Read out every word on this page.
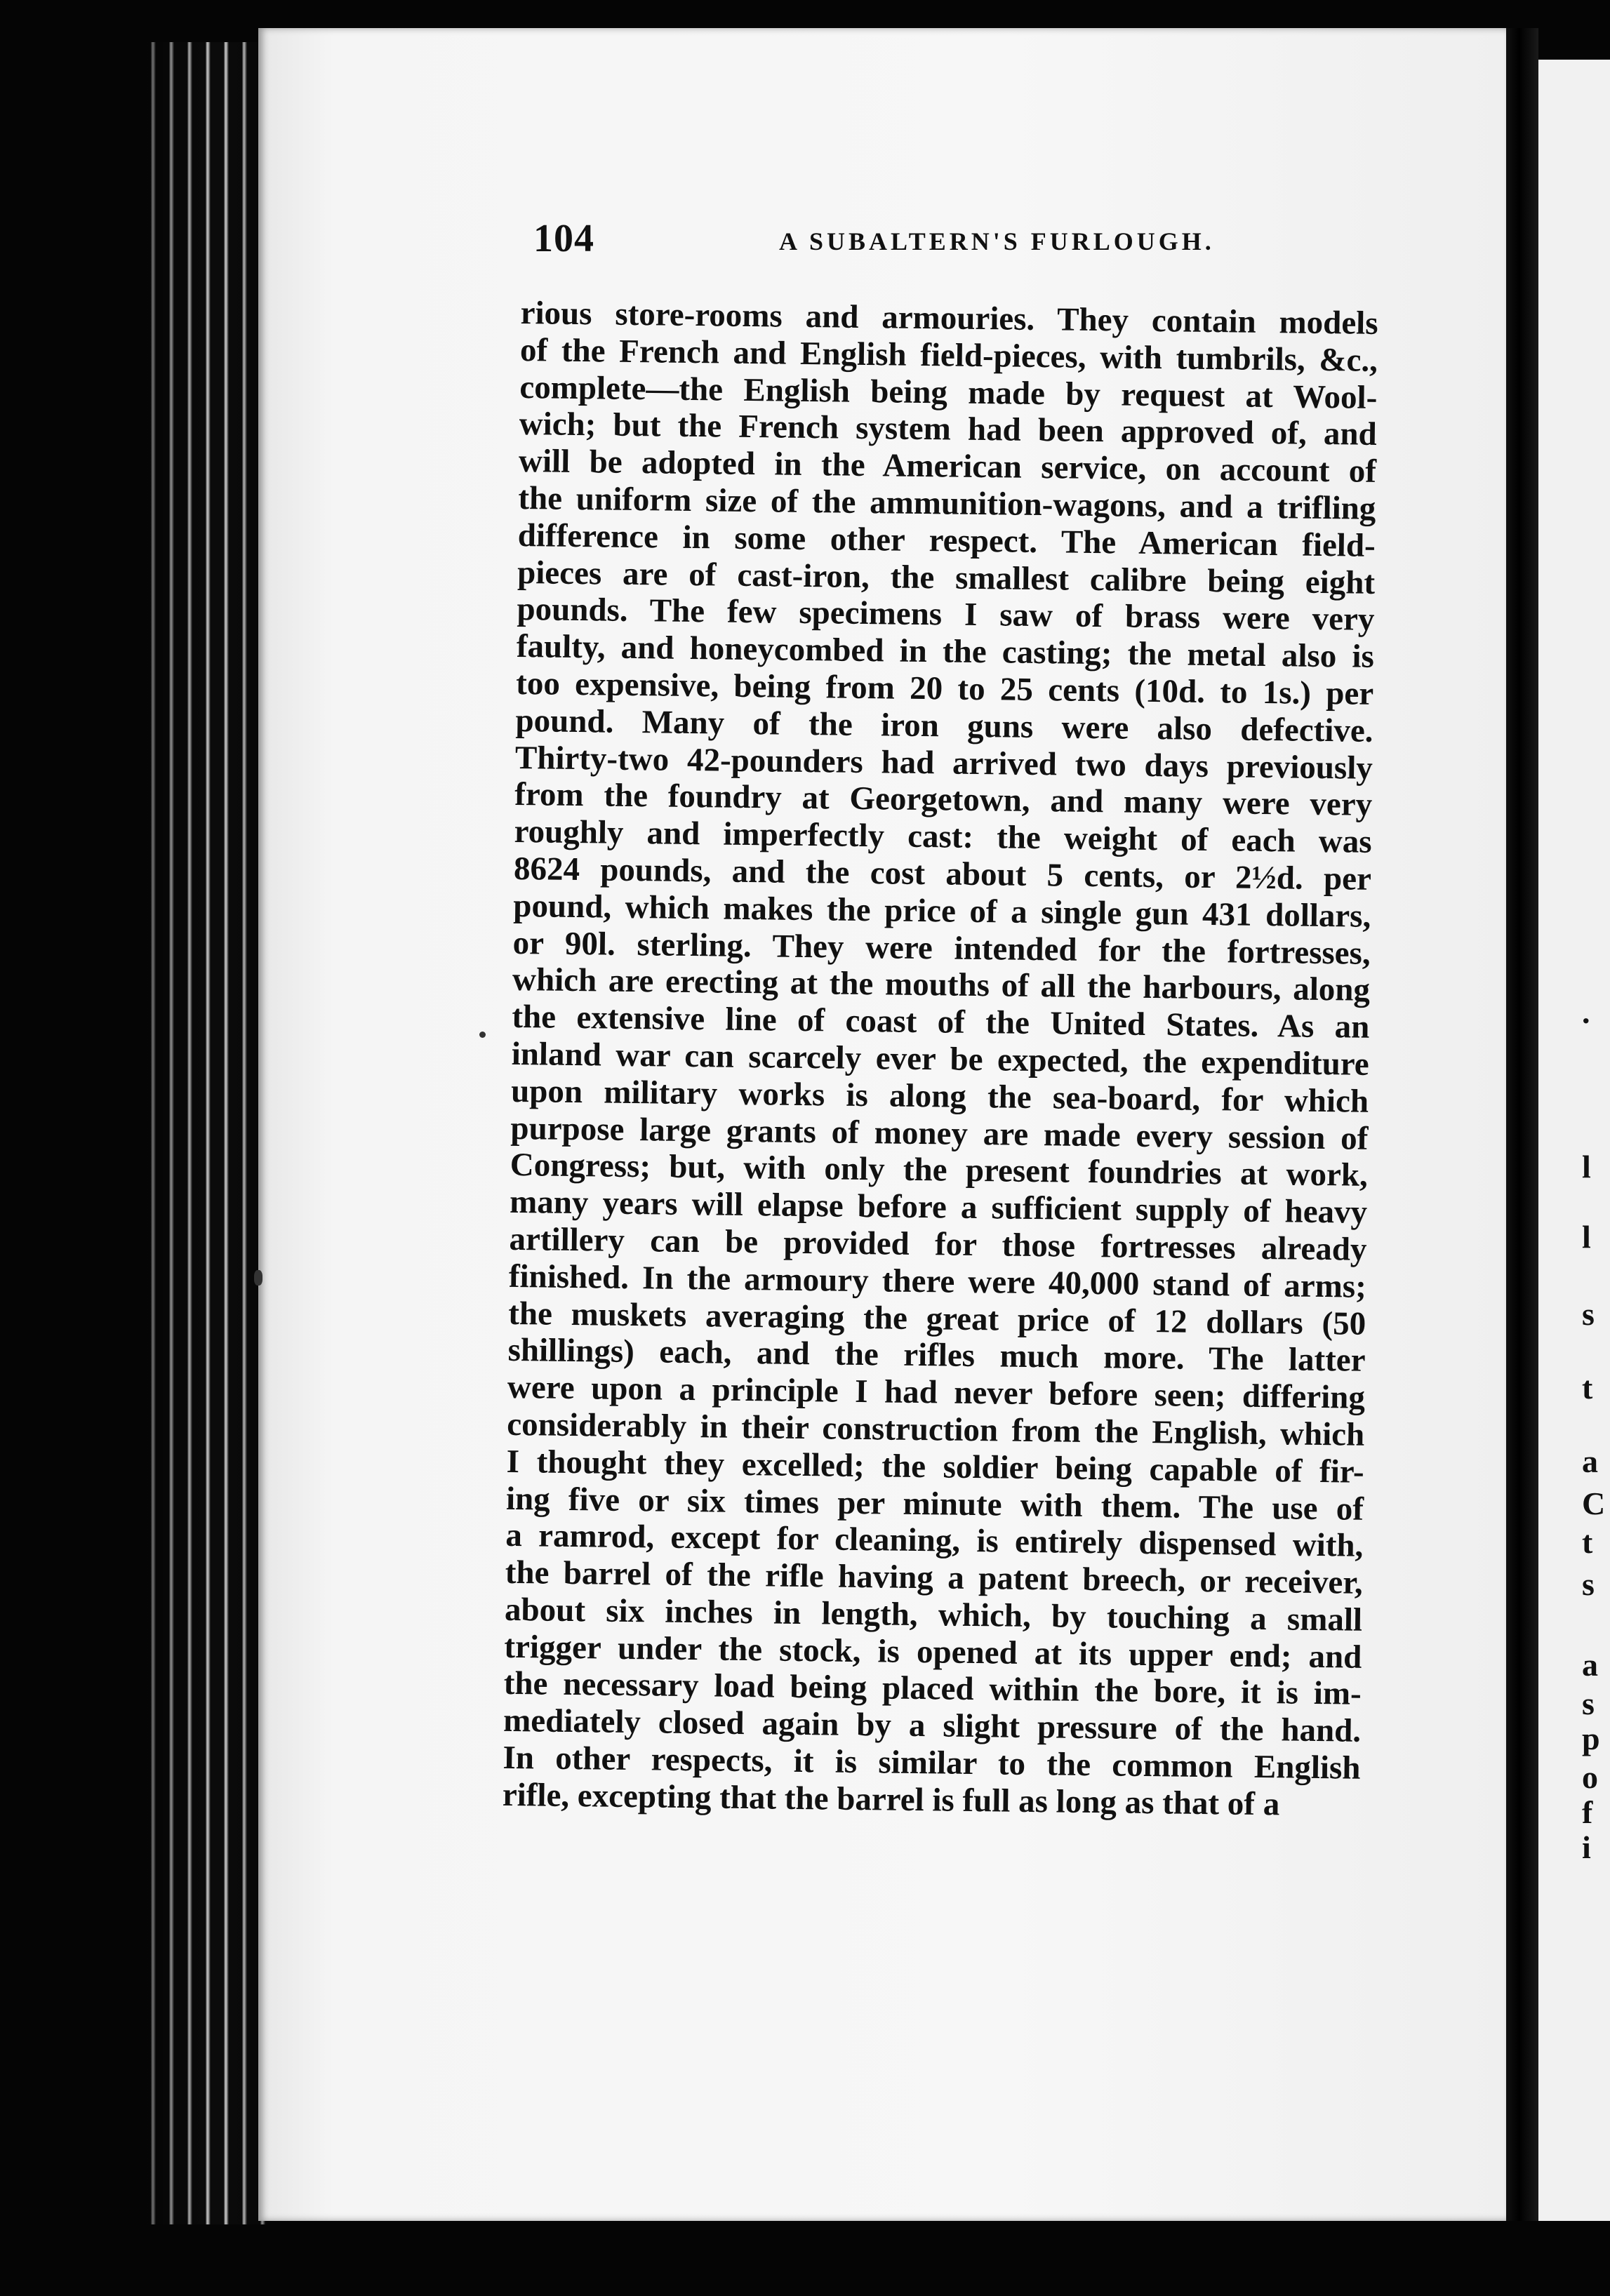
.
l
l
s
t
a
C
t
s
a
s
p
o
f
i
104	A SUBALTERN'S FURLOUGH.
rious store-rooms and armouries. They contain models
of the French and English field-pieces, with tumbrils, &c.,
complete—the English being made by request at Wool-
wich; but the French system had been approved of, and
will be adopted in the American service, on account of
the uniform size of the ammunition-wagons, and a trifling
difference in some other respect. The American field-
pieces are of cast-iron, the smallest calibre being eight
pounds. The few specimens I saw of brass were very
faulty, and honeycombed in the casting; the metal also is
too expensive, being from 20 to 25 cents (10d. to 1s.) per
pound. Many of the iron guns were also defective.
Thirty-two 42-pounders had arrived two days previously
from the foundry at Georgetown, and many were very
roughly and imperfectly cast: the weight of each was
8624 pounds, and the cost about 5 cents, or 2½d. per
pound, which makes the price of a single gun 431 dollars,
or 90l. sterling. They were intended for the fortresses,
which are erecting at the mouths of all the harbours, along
the extensive line of coast of the United States. As an
inland war can scarcely ever be expected, the expenditure
upon military works is along the sea-board, for which
purpose large grants of money are made every session of
Congress; but, with only the present foundries at work,
many years will elapse before a sufficient supply of heavy
artillery can be provided for those fortresses already
finished. In the armoury there were 40,000 stand of arms;
the muskets averaging the great price of 12 dollars (50
shillings) each, and the rifles much more. The latter
were upon a principle I had never before seen; differing
considerably in their construction from the English, which
I thought they excelled; the soldier being capable of fir-
ing five or six times per minute with them. The use of
a ramrod, except for cleaning, is entirely dispensed with,
the barrel of the rifle having a patent breech, or receiver,
about six inches in length, which, by touching a small
trigger under the stock, is opened at its upper end; and
the necessary load being placed within the bore, it is im-
mediately closed again by a slight pressure of the hand.
In other respects, it is similar to the common English
rifle, excepting that the barrel is full as long as that of a
